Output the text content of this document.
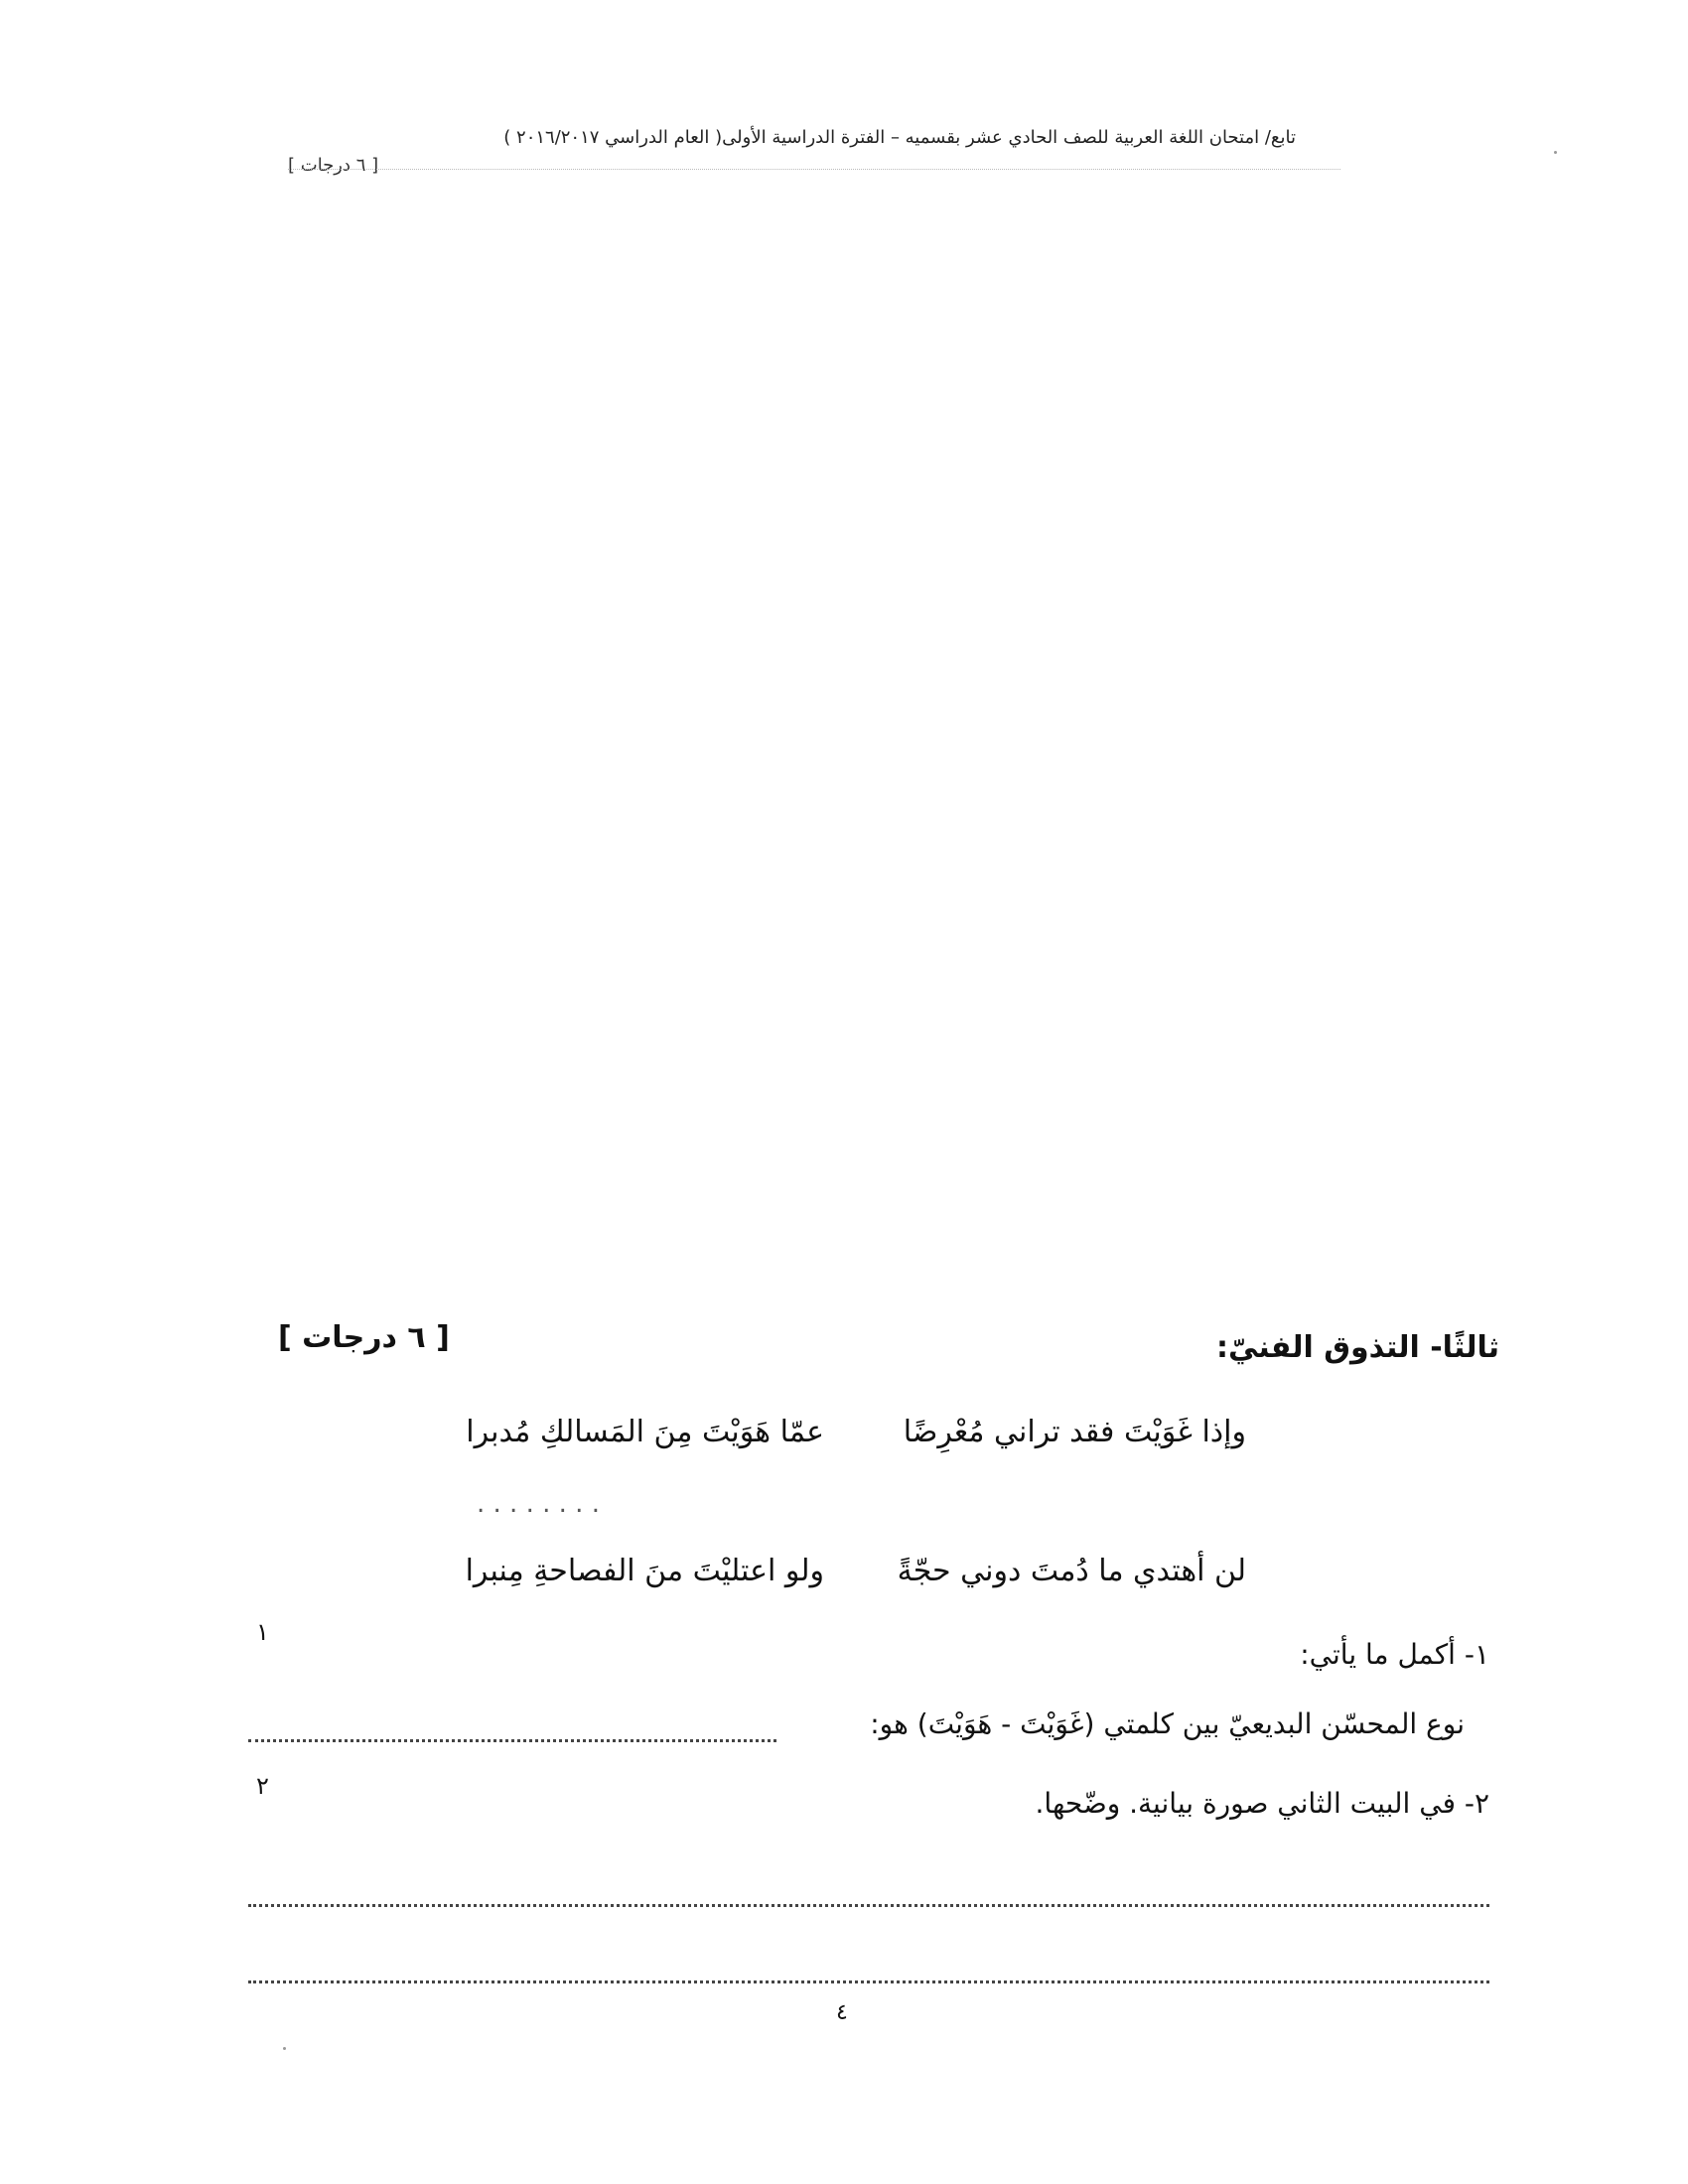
تابع/ امتحان اللغة العربية للصف الحادي عشر بقسميه – الفترة الدراسية الأولى( العام الدراسي ٢٠١٦/٢٠١٧ )
[ ٦ درجات ]
ثالثًا- التذوق الفنيّ:
[ ٦ درجات ]
وإذا غَوَيْتَ فقد تراني مُعْرِضًا
عمّا هَوَيْتَ مِنَ المَسالكِ مُدبرا
. . . . . . . .
لن أهتدي ما دُمتَ دوني حجّةً
ولو اعتليْتَ منَ الفصاحةِ مِنبرا
١- أكمل ما يأتي:
١
نوع المحسّن البديعيّ بين كلمتي (غَوَيْتَ - هَوَيْتَ) هو:
٢- في البيت الثاني صورة بيانية. وضّحها.
٢
٤
